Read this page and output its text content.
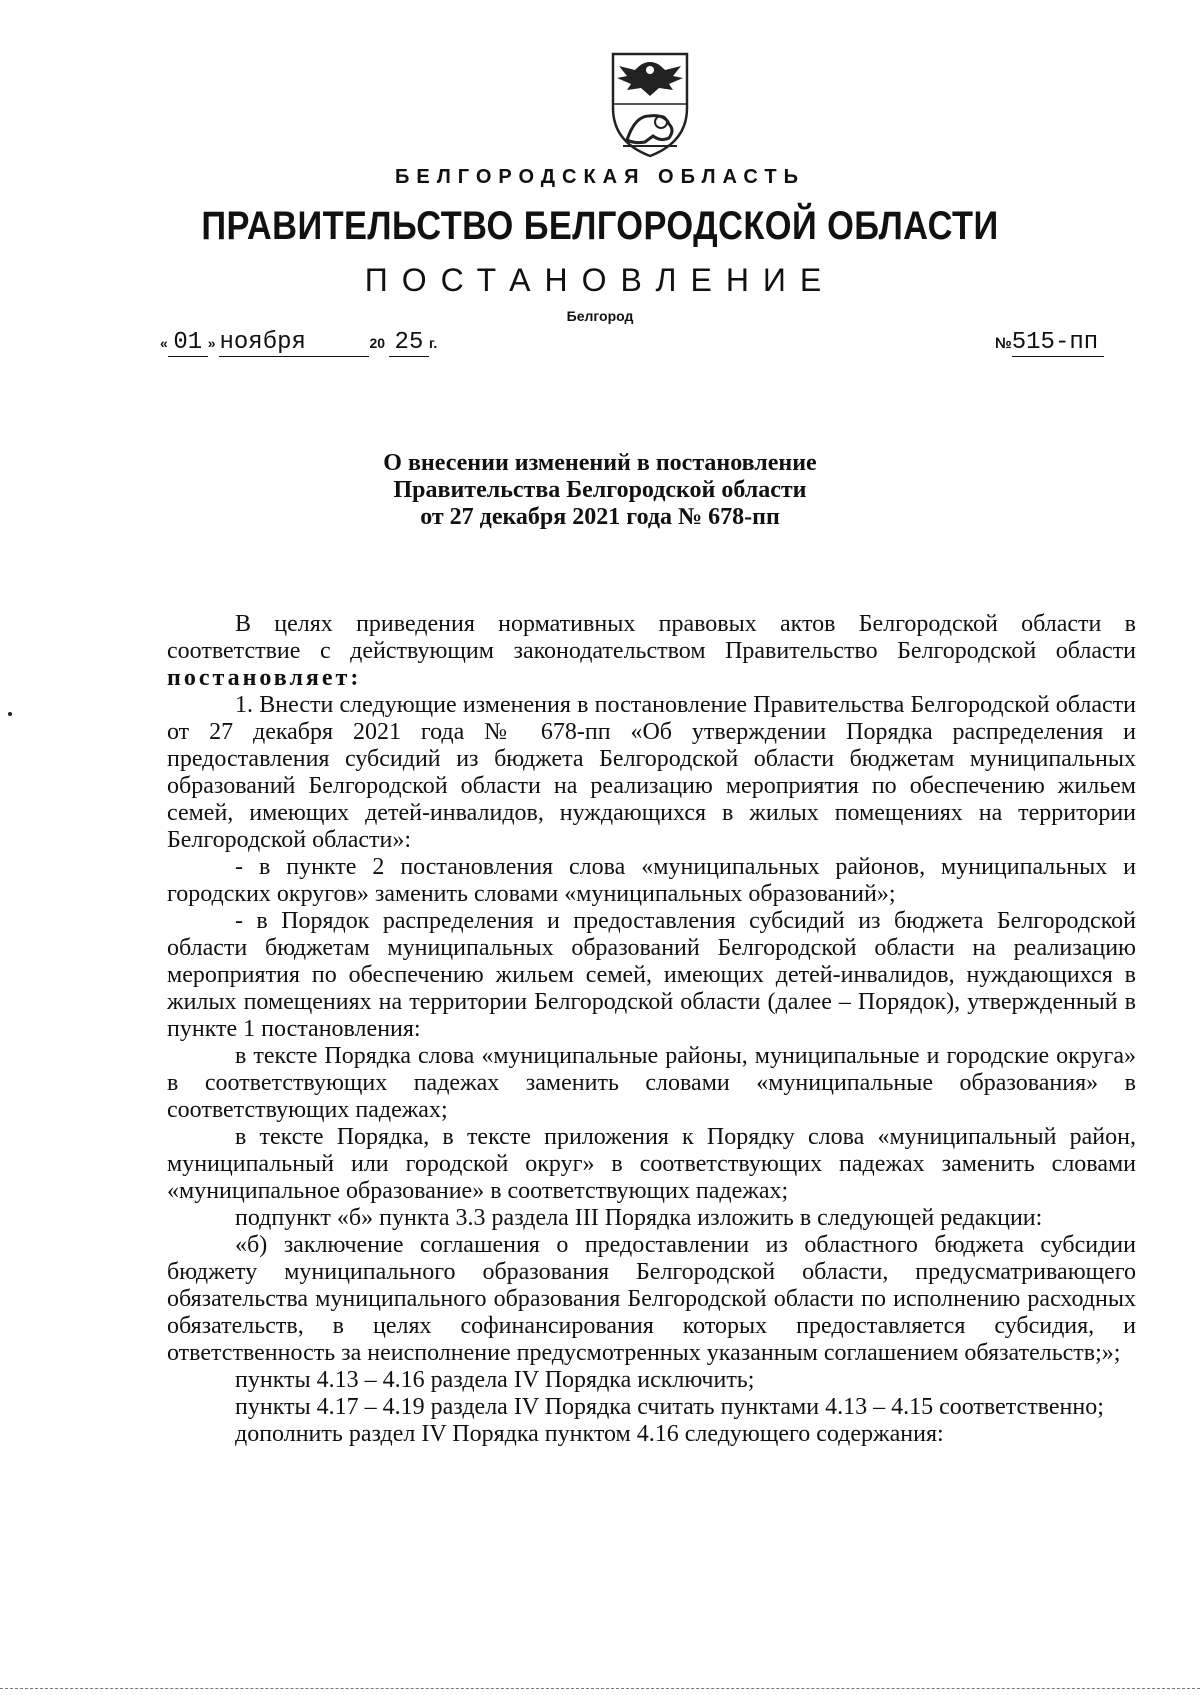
БЕЛГОРОДСКАЯ ОБЛАСТЬ
ПРАВИТЕЛЬСТВО БЕЛГОРОДСКОЙ ОБЛАСТИ
ПОСТАНОВЛЕНИЕ
Белгород
« 01 » ноября	20 25 г.	№515-пп
О внесении изменений в постановление
Правительства Белгородской области
от 27 декабря 2021 года № 678-пп

В целях приведения нормативных правовых актов Белгородской области в соответствие с действующим законодательством Правительство Белгородской области постановляет:

1. Внести следующие изменения в постановление Правительства Белгородской области от 27 декабря 2021 года № 678-пп «Об утверждении Порядка распределения и предоставления субсидий из бюджета Белгородской области бюджетам муниципальных образований Белгородской области на реализацию мероприятия по обеспечению жильем семей, имеющих детей-инвалидов, нуждающихся в жилых помещениях на территории Белгородской области»:

- в пункте 2 постановления слова «муниципальных районов, муниципальных и городских округов» заменить словами «муниципальных образований»;

- в Порядок распределения и предоставления субсидий из бюджета Белгородской области бюджетам муниципальных образований Белгородской области на реализацию мероприятия по обеспечению жильем семей, имеющих детей-инвалидов, нуждающихся в жилых помещениях на территории Белгородской области (далее – Порядок), утвержденный в пункте 1 постановления:

в тексте Порядка слова «муниципальные районы, муниципальные и городские округа» в соответствующих падежах заменить словами «муниципальные образования» в соответствующих падежах;

в тексте Порядка, в тексте приложения к Порядку слова «муниципальный район, муниципальный или городской округ» в соответствующих падежах заменить словами «муниципальное образование» в соответствующих падежах;

подпункт «б» пункта 3.3 раздела III Порядка изложить в следующей редакции:

«б) заключение соглашения о предоставлении из областного бюджета субсидии бюджету муниципального образования Белгородской области, предусматривающего обязательства муниципального образования Белгородской области по исполнению расходных обязательств, в целях софинансирования которых предоставляется субсидия, и ответственность за неисполнение предусмотренных указанным соглашением обязательств;»;

пункты 4.13 – 4.16 раздела IV Порядка исключить;

пункты 4.17 – 4.19 раздела IV Порядка считать пунктами 4.13 – 4.15 соответственно;

дополнить раздел IV Порядка пунктом 4.16 следующего содержания:
